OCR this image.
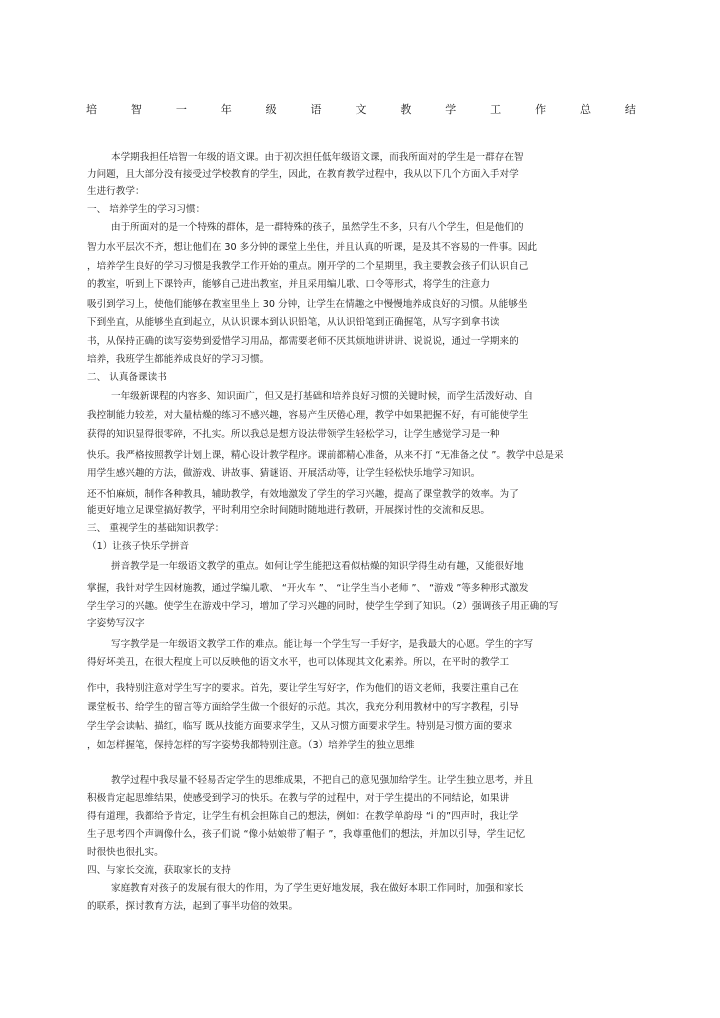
培	智	一	年	级	语	文	教	学	工	作	总	结
本学期我担任培智一年级的语文课。由于初次担任低年级语文课，而我所面对的学生是一群存在智
力问题，且大部分没有接受过学校教育的学生，因此，在教育教学过程中，我从以下几个方面入手对学
生进行教学：
一、 培养学生的学习习惯：
由于所面对的是一个特殊的群体，是一群特殊的孩子，虽然学生不多，只有八个学生，但是他们的
智力水平层次不齐，想让他们在 30 多分钟的课堂上坐住，并且认真的听课，是及其不容易的一件事。因此
，培养学生良好的学习习惯是我教学工作开始的重点。刚开学的二个星期里，我主要教会孩子们认识自己
的教室，听到上下课铃声，能够自己进出教室，并且采用编儿歌、口令等形式，将学生的注意力
吸引到学习上，使他们能够在教室里坐上 30 分钟，让学生在情趣之中慢慢地养成良好的习惯。从能够坐
下到坐直，从能够坐直到起立，从认识课本到认识铅笔，从认识铅笔到正确握笔，从写字到拿书读
书，从保持正确的读写姿势到爱惜学习用品，都需要老师不厌其烦地讲讲讲、说说说，通过一学期来的
培养，我班学生都能养成良好的学习习惯。
二、 认真备课读书
一年级新课程的内容多、知识面广，但又是打基础和培养良好习惯的关键时候，而学生活泼好动、自
我控制能力较差，对大量枯燥的练习不感兴趣，容易产生厌倦心理，教学中如果把握不好，有可能使学生
获得的知识显得很零碎，不扎实。所以我总是想方设法带领学生轻松学习，让学生感觉学习是一种
快乐。我严格按照教学计划上课，精心设计教学程序。课前都精心准备，从来不打 “无准备之仗 ”。教学中总是采
用学生感兴趣的方法，做游戏、讲故事、猜谜语、开展活动等，让学生轻松快乐地学习知识。
还不怕麻烦，制作各种教具，辅助教学，有效地激发了学生的学习兴趣，提高了课堂教学的效率。为了
能更好地立足课堂搞好教学，平时利用空余时间随时随地进行教研，开展探讨性的交流和反思。
三、 重视学生的基础知识教学：
（1）让孩子快乐学拼音
拼音教学是一年级语文教学的重点。如何让学生能把这看似枯燥的知识学得生动有趣，又能很好地
掌握，我针对学生因材施教，通过学编儿歌、 “开火车 ”、 “让学生当小老师 ”、 “游戏 ”等多种形式激发
学生学习的兴趣。使学生在游戏中学习，增加了学习兴趣的同时，使学生学到了知识。（2）强调孩子用正确的写
字姿势写汉字
写字教学是一年级语文教学工作的难点。能让每一个学生写一手好字，是我最大的心愿。学生的字写
得好坏美丑，在很大程度上可以反映他的语文水平，也可以体现其文化素养。所以，在平时的教学工
作中，我特别注意对学生写字的要求。首先，要让学生写好字，作为他们的语文老师，我要注重自己在
课堂板书、给学生的留言等方面给学生做一个很好的示范。其次，我充分利用教材中的写字教程，引导
学生学会读帖、描红，临写 既从技能方面要求学生，又从习惯方面要求学生。特别是习惯方面的要求
，如怎样握笔，保持怎样的写字姿势我都特别注意。（3）培养学生的独立思维
教学过程中我尽量不轻易否定学生的思维成果，不把自己的意见强加给学生。让学生独立思考，并且
积极肯定起思维结果，使感受到学习的快乐。在教与学的过程中，对于学生提出的不同结论，如果讲
得有道理，我都给予肯定，让学生有机会担陈自己的想法，例如：在教学单韵母 “i 的”四声时，我让学
生子思考四个声调像什么，孩子们说 “像小姑娘带了帽子 ”，我尊重他们的想法，并加以引导，学生记忆
时很快也很扎实。
四、与家长交流，获取家长的支持
家庭教育对孩子的发展有很大的作用，为了学生更好地发展，我在做好本职工作同时，加强和家长
的联系，探讨教育方法，起到了事半功倍的效果。
